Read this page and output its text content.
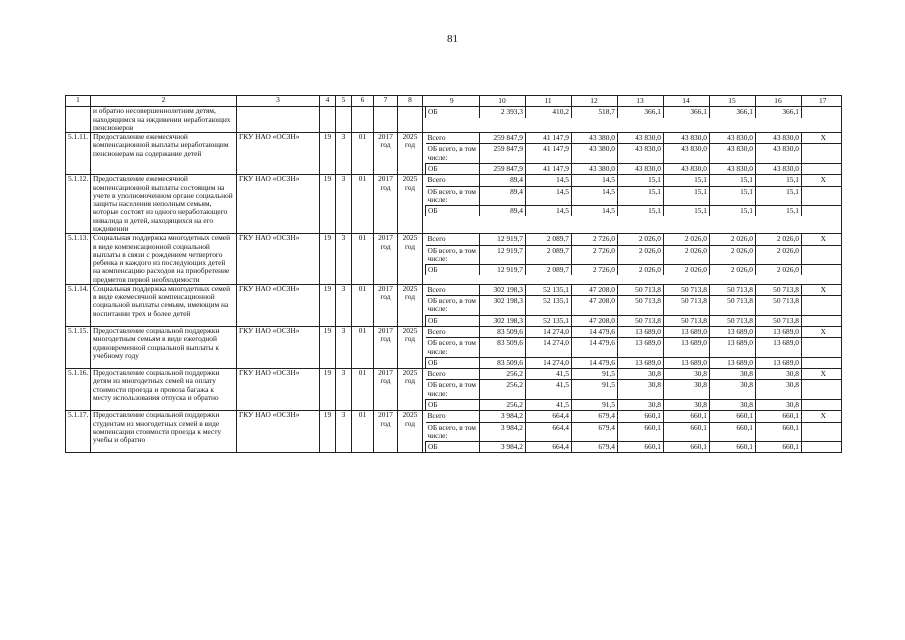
81
1	2	3	4	5	6	7	8		9	10	11	12	13	14	15	16	17

	и обратно несовершеннолетним детям, находящимся на иждивении неработающих пенсионеров							
ОБ	2 393,3	410,2	518,7	366,1	366,1	366,1	366,1	

5.1.11.	Предоставление ежемесячной компенсационной выплаты неработающим пенсионерам на содержание детей	ГКУ НАО «ОСЗН»	19	3	01	2017 год	2025 год	
Всего	259 847,9	41 147,9	43 380,0	43 830,0	43 830,0	43 830,0	43 830,0	X
ОБ всего, в том числе:	259 847,9	41 147,9	43 380,0	43 830,0	43 830,0	43 830,0	43 830,0	
ОБ	259 847,9	41 147,9	43 380,0	43 830,0	43 830,0	43 830,0	43 830,0	

5.1.12.	Предоставление ежемесячной компенсационной выплаты состоящим на учете в уполномоченном органе социальной защиты населения неполным семьям, которые состоят из одного неработающего инвалида и детей, находящихся на его иждивении	ГКУ НАО «ОСЗН»	19	3	01	2017 год	2025 год	
Всего	89,4	14,5	14,5	15,1	15,1	15,1	15,1	X
ОБ всего, в том числе:	89,4	14,5	14,5	15,1	15,1	15,1	15,1	
ОБ	89,4	14,5	14,5	15,1	15,1	15,1	15,1	

5.1.13.	Социальная поддержка многодетных семей в виде компенсационной социальной выплаты в связи с рождением четвертого ребенка и каждого из последующих детей на компенсацию расходов на приобретение предметов первой необходимости	ГКУ НАО «ОСЗН»	19	3	01	2017 год	2025 год	
Всего	12 919,7	2 089,7	2 726,0	2 026,0	2 026,0	2 026,0	2 026,0	X
ОБ всего, в том числе:	12 919,7	2 089,7	2 726,0	2 026,0	2 026,0	2 026,0	2 026,0	
ОБ	12 919,7	2 089,7	2 726,0	2 026,0	2 026,0	2 026,0	2 026,0	

5.1.14.	Социальная поддержка многодетных семей в виде ежемесячной компенсационной социальной выплаты семьям, имеющим на воспитании трех и более детей	ГКУ НАО «ОСЗН»	19	3	01	2017 год	2025 год	
Всего	302 198,3	52 135,1	47 208,0	50 713,8	50 713,8	50 713,8	50 713,8	X
ОБ всего, в том числе:	302 198,3	52 135,1	47 208,0	50 713,8	50 713,8	50 713,8	50 713,8	
ОБ	302 198,3	52 135,1	47 208,0	50 713,8	50 713,8	50 713,8	50 713,8	

5.1.15.	Предоставление социальной поддержки многодетным семьям в виде ежегодной единовременной социальной выплаты к учебному году	ГКУ НАО «ОСЗН»	19	3	01	2017 год	2025 год	
Всего	83 509,6	14 274,0	14 479,6	13 689,0	13 689,0	13 689,0	13 689,0	X
ОБ всего, в том числе:	83 509,6	14 274,0	14 479,6	13 689,0	13 689,0	13 689,0	13 689,0	
ОБ	83 509,6	14 274,0	14 479,6	13 689,0	13 689,0	13 689,0	13 689,0	

5.1.16.	Предоставление социальной поддержки детям из многодетных семей на оплату стоимости проезда и провоза багажа к месту использования отпуска и обратно	ГКУ НАО «ОСЗН»	19	3	01	2017 год	2025 год	
Всего	256,2	41,5	91,5	30,8	30,8	30,8	30,8	X
ОБ всего, в том числе:	256,2	41,5	91,5	30,8	30,8	30,8	30,8	
ОБ	256,2	41,5	91,5	30,8	30,8	30,8	30,8	

5.1.17.	Предоставление социальной поддержки студентам из многодетных семей в виде компенсации стоимости проезда к месту учебы и обратно	ГКУ НАО «ОСЗН»	19	3	01	2017 год	2025 год	
Всего	3 984,2	664,4	679,4	660,1	660,1	660,1	660,1	X
ОБ всего, в том числе:	3 984,2	664,4	679,4	660,1	660,1	660,1	660,1	
ОБ	3 984,2	664,4	679,4	660,1	660,1	660,1	660,1	
